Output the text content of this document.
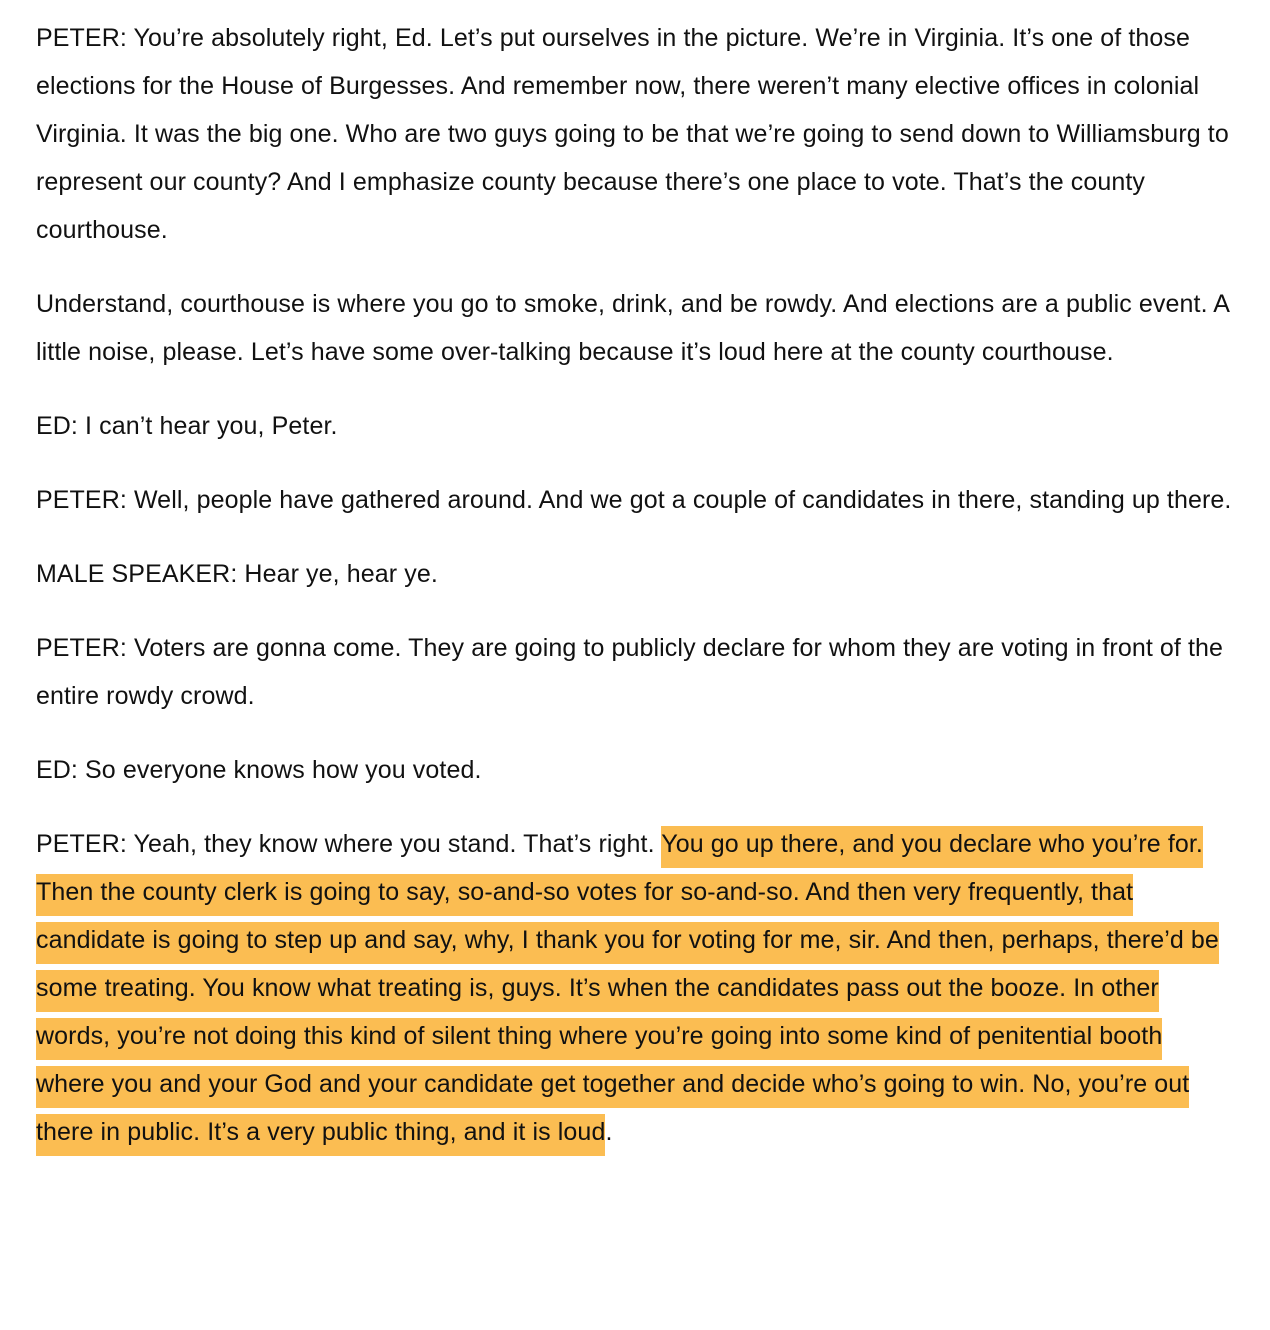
PETER: You’re absolutely right, Ed. Let’s put ourselves in the picture. We’re in Virginia. It’s one of those elections for the House of Burgesses. And remember now, there weren’t many elective offices in colonial Virginia. It was the big one. Who are two guys going to be that we’re going to send down to Williamsburg to represent our county? And I emphasize county because there’s one place to vote. That’s the county courthouse.

Understand, courthouse is where you go to smoke, drink, and be rowdy. And elections are a public event. A little noise, please. Let’s have some over-talking because it’s loud here at the county courthouse.

ED: I can’t hear you, Peter.

PETER: Well, people have gathered around. And we got a couple of candidates in there, standing up there.

MALE SPEAKER: Hear ye, hear ye.

PETER: Voters are gonna come. They are going to publicly declare for whom they are voting in front of the entire rowdy crowd.

ED: So everyone knows how you voted.

PETER: Yeah, they know where you stand. That’s right. You go up there, and you declare who you’re for. Then the county clerk is going to say, so-and-so votes for so-and-so. And then very frequently, that candidate is going to step up and say, why, I thank you for voting for me, sir. And then, perhaps, there’d be some treating. You know what treating is, guys. It’s when the candidates pass out the booze. In other words, you’re not doing this kind of silent thing where you’re going into some kind of penitential booth where you and your God and your candidate get together and decide who’s going to win. No, you’re out there in public. It’s a very public thing, and it is loud.
